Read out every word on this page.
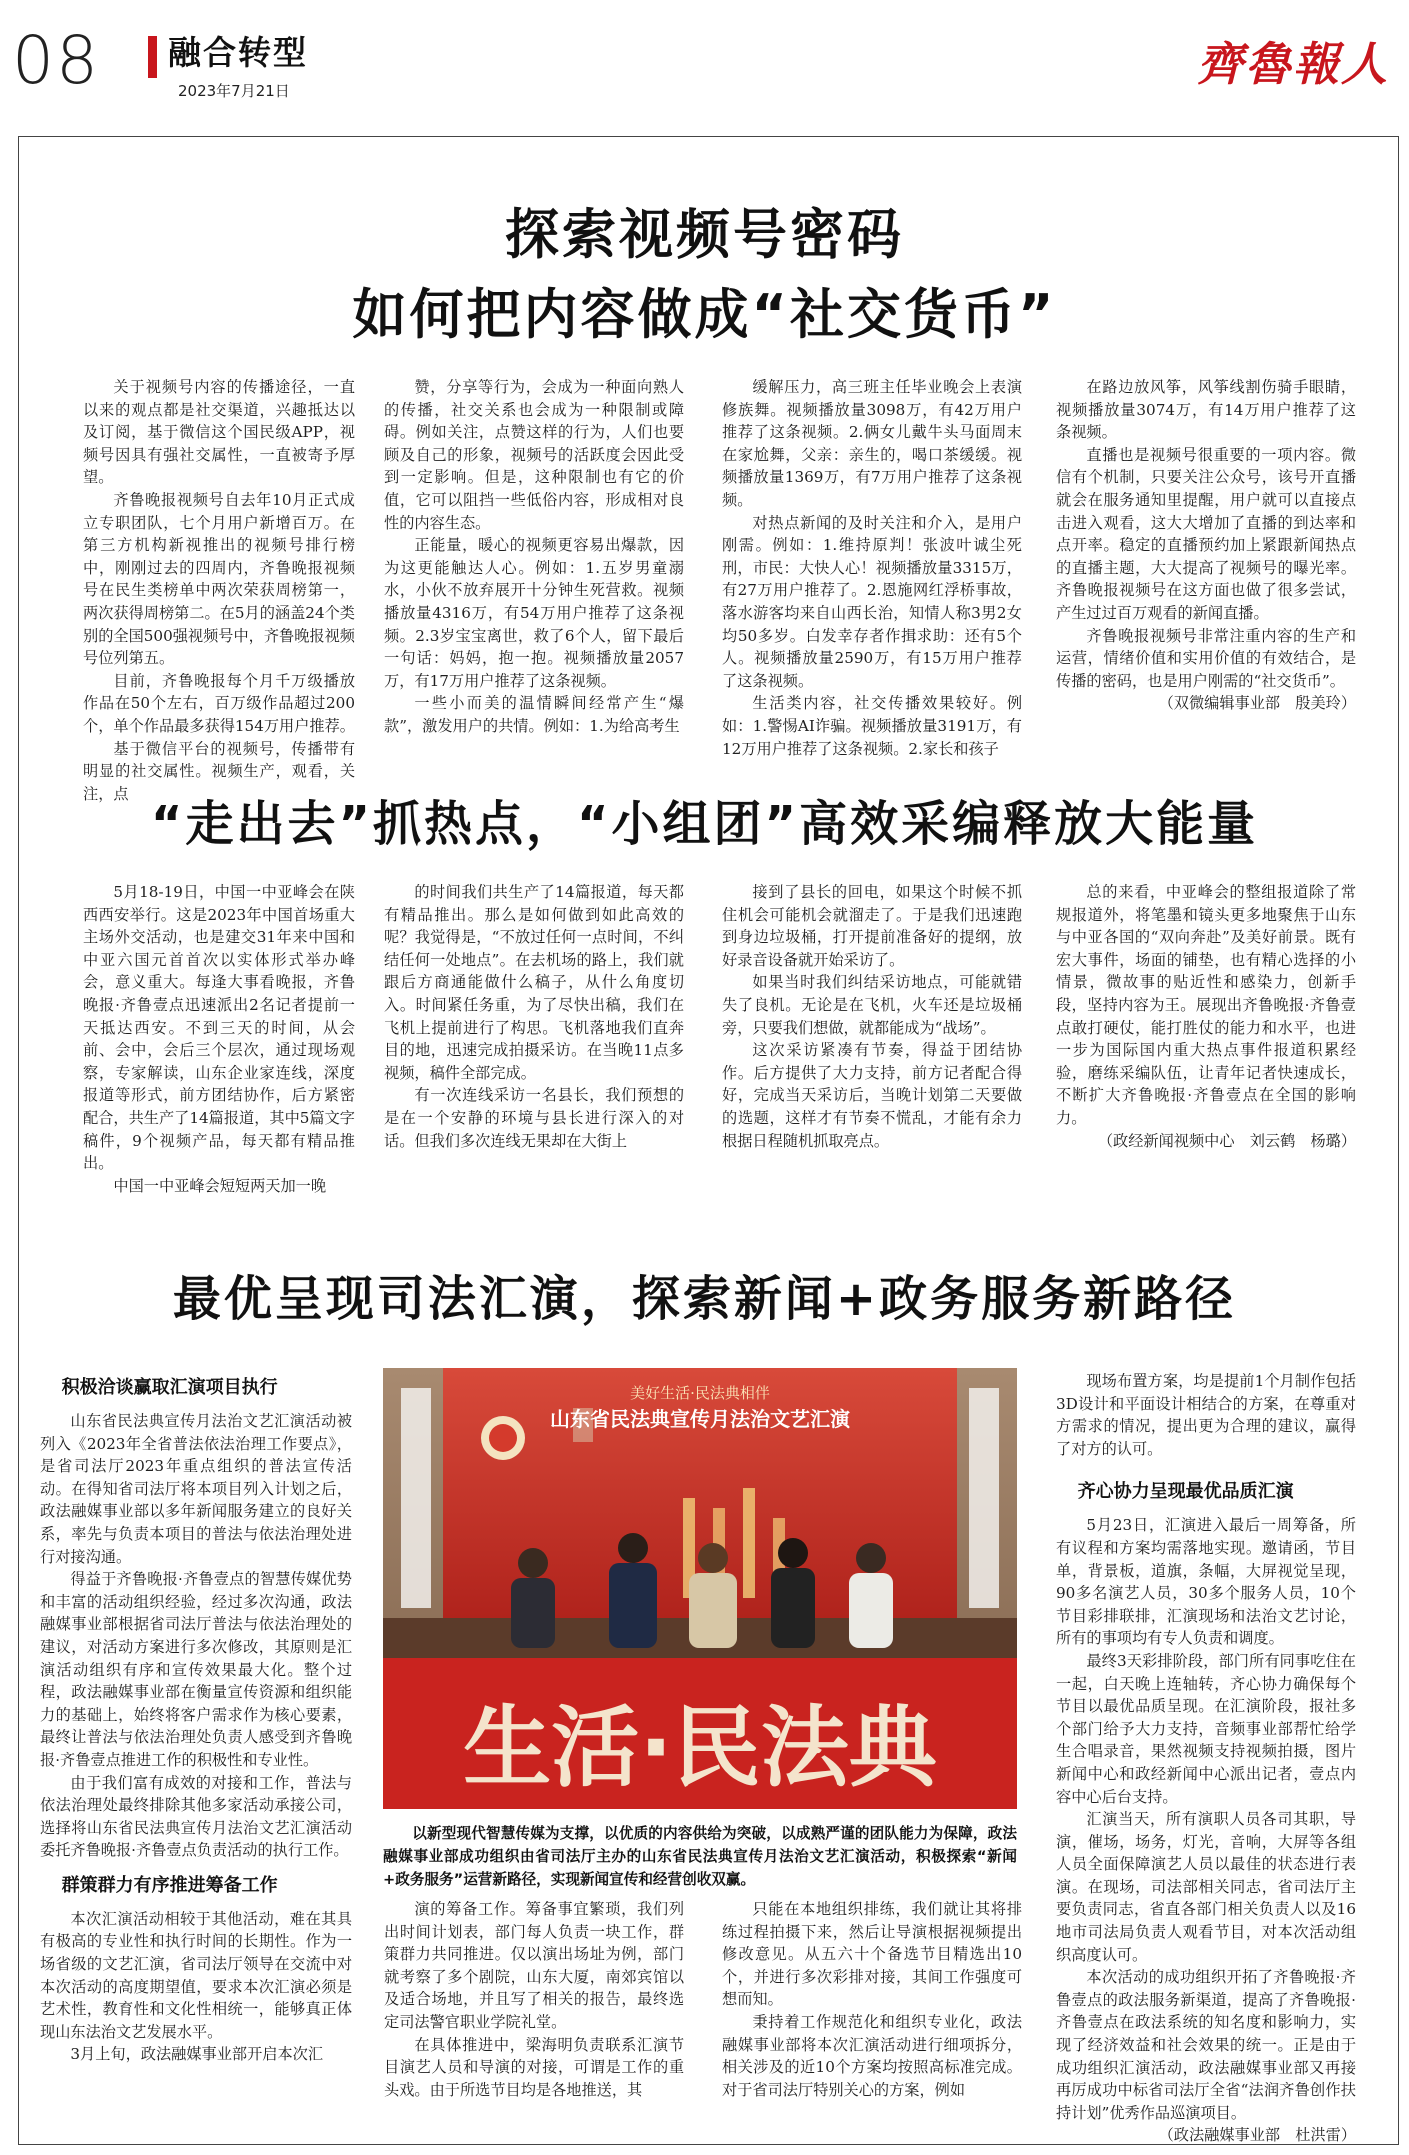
08 融合转型
2023年7月21日	齊魯報人
探索视频号密码
如何把内容做成“社交货币”

关于视频号内容的传播途径，一直以来的观点都是社交渠道，兴趣抵达以及订阅，基于微信这个国民级APP，视频号因具有强社交属性，一直被寄予厚望。

齐鲁晚报视频号自去年10月正式成立专职团队，七个月用户新增百万。在第三方机构新视推出的视频号排行榜中，刚刚过去的四周内，齐鲁晚报视频号在民生类榜单中两次荣获周榜第一，两次获得周榜第二。在5月的涵盖24个类别的全国500强视频号中，齐鲁晚报视频号位列第五。

目前，齐鲁晚报每个月千万级播放作品在50个左右，百万级作品超过200个，单个作品最多获得154万用户推荐。

基于微信平台的视频号，传播带有明显的社交属性。视频生产，观看，关注，点

赞，分享等行为，会成为一种面向熟人的传播，社交关系也会成为一种限制或障碍。例如关注，点赞这样的行为，人们也要顾及自己的形象，视频号的活跃度会因此受到一定影响。但是，这种限制也有它的价值，它可以阻挡一些低俗内容，形成相对良性的内容生态。

正能量，暖心的视频更容易出爆款，因为这更能触达人心。例如：1.五岁男童溺水，小伙不放弃展开十分钟生死营救。视频播放量4316万，有54万用户推荐了这条视频。2.3岁宝宝离世，救了6个人，留下最后一句话：妈妈，抱一抱。视频播放量2057万，有17万用户推荐了这条视频。

一些小而美的温情瞬间经常产生“爆款”，激发用户的共情。例如：1.为给高考生

缓解压力，高三班主任毕业晚会上表演修族舞。视频播放量3098万，有42万用户推荐了这条视频。2.俩女儿戴牛头马面周末在家尬舞，父亲：亲生的，喝口茶缓缓。视频播放量1369万，有7万用户推荐了这条视频。

对热点新闻的及时关注和介入，是用户刚需。例如：1.维持原判！张波叶诚尘死刑，市民：大快人心！视频播放量3315万，有27万用户推荐了。2.恩施网红浮桥事故，落水游客均来自山西长治，知情人称3男2女均50多岁。白发幸存者作揖求助：还有5个人。视频播放量2590万，有15万用户推荐了这条视频。

生活类内容，社交传播效果较好。例如：1.警惕AI诈骗。视频播放量3191万，有12万用户推荐了这条视频。2.家长和孩子

在路边放风筝，风筝线割伤骑手眼睛，视频播放量3074万，有14万用户推荐了这条视频。

直播也是视频号很重要的一项内容。微信有个机制，只要关注公众号，该号开直播就会在服务通知里提醒，用户就可以直接点击进入观看，这大大增加了直播的到达率和点开率。稳定的直播预约加上紧跟新闻热点的直播主题，大大提高了视频号的曝光率。齐鲁晚报视频号在这方面也做了很多尝试，产生过过百万观看的新闻直播。

齐鲁晚报视频号非常注重内容的生产和运营，情绪价值和实用价值的有效结合，是传播的密码，也是用户刚需的“社交货币”。

（双微编辑事业部　殷美玲）

“走出去”抓热点，“小组团”高效采编释放大能量

5月18-19日，中国一中亚峰会在陕西西安举行。这是2023年中国首场重大主场外交活动，也是建交31年来中国和中亚六国元首首次以实体形式举办峰会，意义重大。每逢大事看晚报，齐鲁晚报·齐鲁壹点迅速派出2名记者提前一天抵达西安。不到三天的时间，从会前、会中，会后三个层次，通过现场观察，专家解读，山东企业家连线，深度报道等形式，前方团结协作，后方紧密配合，共生产了14篇报道，其中5篇文字稿件，9个视频产品，每天都有精品推出。

中国一中亚峰会短短两天加一晚

的时间我们共生产了14篇报道，每天都有精品推出。那么是如何做到如此高效的呢？我觉得是，“不放过任何一点时间，不纠结任何一处地点”。在去机场的路上，我们就跟后方商通能做什么稿子，从什么角度切入。时间紧任务重，为了尽快出稿，我们在飞机上提前进行了构思。飞机落地我们直奔目的地，迅速完成拍摄采访。在当晚11点多视频，稿件全部完成。

有一次连线采访一名县长，我们预想的是在一个安静的环境与县长进行深入的对话。但我们多次连线无果却在大街上

接到了县长的回电，如果这个时候不抓住机会可能机会就溜走了。于是我们迅速跑到身边垃圾桶，打开提前准备好的提纲，放好录音设备就开始采访了。

如果当时我们纠结采访地点，可能就错失了良机。无论是在飞机，火车还是垃圾桶旁，只要我们想做，就都能成为“战场”。

这次采访紧凑有节奏，得益于团结协作。后方提供了大力支持，前方记者配合得好，完成当天采访后，当晚计划第二天要做的选题，这样才有节奏不慌乱，才能有余力根据日程随机抓取亮点。

总的来看，中亚峰会的整组报道除了常规报道外，将笔墨和镜头更多地聚焦于山东与中亚各国的“双向奔赴”及美好前景。既有宏大事件，场面的铺垫，也有精心选择的小情景，微故事的贴近性和感染力，创新手段，坚持内容为王。展现出齐鲁晚报·齐鲁壹点敢打硬仗，能打胜仗的能力和水平，也进一步为国际国内重大热点事件报道积累经验，磨练采编队伍，让青年记者快速成长，不断扩大齐鲁晚报·齐鲁壹点在全国的影响力。

（政经新闻视频中心　刘云鹤　杨璐）

最优呈现司法汇演，探索新闻+政务服务新路径
积极洽谈赢取汇演项目执行

山东省民法典宣传月法治文艺汇演活动被列入《2023年全省普法依法治理工作要点》，是省司法厅2023年重点组织的普法宣传活动。在得知省司法厅将本项目列入计划之后，政法融媒事业部以多年新闻服务建立的良好关系，率先与负责本项目的普法与依法治理处进行对接沟通。

得益于齐鲁晚报·齐鲁壹点的智慧传媒优势和丰富的活动组织经验，经过多次沟通，政法融媒事业部根据省司法厅普法与依法治理处的建议，对活动方案进行多次修改，其原则是汇演活动组织有序和宣传效果最大化。整个过程，政法融媒事业部在衡量宣传资源和组织能力的基础上，始终将客户需求作为核心要素，最终让普法与依法治理处负责人感受到齐鲁晚报·齐鲁壹点推进工作的积极性和专业性。

由于我们富有成效的对接和工作，普法与依法治理处最终排除其他多家活动承接公司，选择将山东省民法典宣传月法治文艺汇演活动委托齐鲁晚报·齐鲁壹点负责活动的执行工作。

群策群力有序推进筹备工作

本次汇演活动相较于其他活动，难在其具有极高的专业性和执行时间的长期性。作为一场省级的文艺汇演，省司法厅领导在交流中对本次活动的高度期望值，要求本次汇演必须是艺术性，教育性和文化性相统一，能够真正体现山东法治文艺发展水平。

3月上旬，政法融媒事业部开启本次汇

生活·民法典
美好生活·民法典相伴
山东省民法典宣传月法治文艺汇演
以新型现代智慧传媒为支撑，以优质的内容供给为突破，以成熟严谨的团队能力为保障，政法融媒事业部成功组织由省司法厅主办的山东省民法典宣传月法治文艺汇演活动，积极探索“新闻+政务服务”运营新路径，实现新闻宣传和经营创收双赢。

演的筹备工作。筹备事宜繁琐，我们列出时间计划表，部门每人负责一块工作，群策群力共同推进。仅以演出场址为例，部门就考察了多个剧院，山东大厦，南郊宾馆以及适合场地，并且写了相关的报告，最终选定司法警官职业学院礼堂。

在具体推进中，梁海明负责联系汇演节目演艺人员和导演的对接，可谓是工作的重头戏。由于所选节目均是各地推送，其

只能在本地组织排练，我们就让其将排练过程拍摄下来，然后让导演根据视频提出修改意见。从五六十个备选节目精选出10个，并进行多次彩排对接，其间工作强度可想而知。

秉持着工作规范化和组织专业化，政法融媒事业部将本次汇演活动进行细项拆分，相关涉及的近10个方案均按照高标准完成。对于省司法厅特别关心的方案，例如

现场布置方案，均是提前1个月制作包括3D设计和平面设计相结合的方案，在尊重对方需求的情况，提出更为合理的建议，赢得了对方的认可。

齐心协力呈现最优品质汇演

5月23日，汇演进入最后一周筹备，所有议程和方案均需落地实现。邀请函，节目单，背景板，道旗，条幅，大屏视觉呈现，90多名演艺人员，30多个服务人员，10个节目彩排联排，汇演现场和法治文艺讨论，所有的事项均有专人负责和调度。

最终3天彩排阶段，部门所有同事吃住在一起，白天晚上连轴转，齐心协力确保每个节目以最优品质呈现。在汇演阶段，报社多个部门给予大力支持，音频事业部帮忙给学生合唱录音，果然视频支持视频拍摄，图片新闻中心和政经新闻中心派出记者，壹点内容中心后台支持。

汇演当天，所有演职人员各司其职，导演，催场，场务，灯光，音响，大屏等各组人员全面保障演艺人员以最佳的状态进行表演。在现场，司法部相关同志，省司法厅主要负责同志，省直各部门相关负责人以及16地市司法局负责人观看节目，对本次活动组织高度认可。

本次活动的成功组织开拓了齐鲁晚报·齐鲁壹点的政法服务新渠道，提高了齐鲁晚报·齐鲁壹点在政法系统的知名度和影响力，实现了经济效益和社会效果的统一。正是由于成功组织汇演活动，政法融媒事业部又再接再厉成功中标省司法厅全省“法润齐鲁创作扶持计划”优秀作品巡演项目。

（政法融媒事业部　杜洪雷）
